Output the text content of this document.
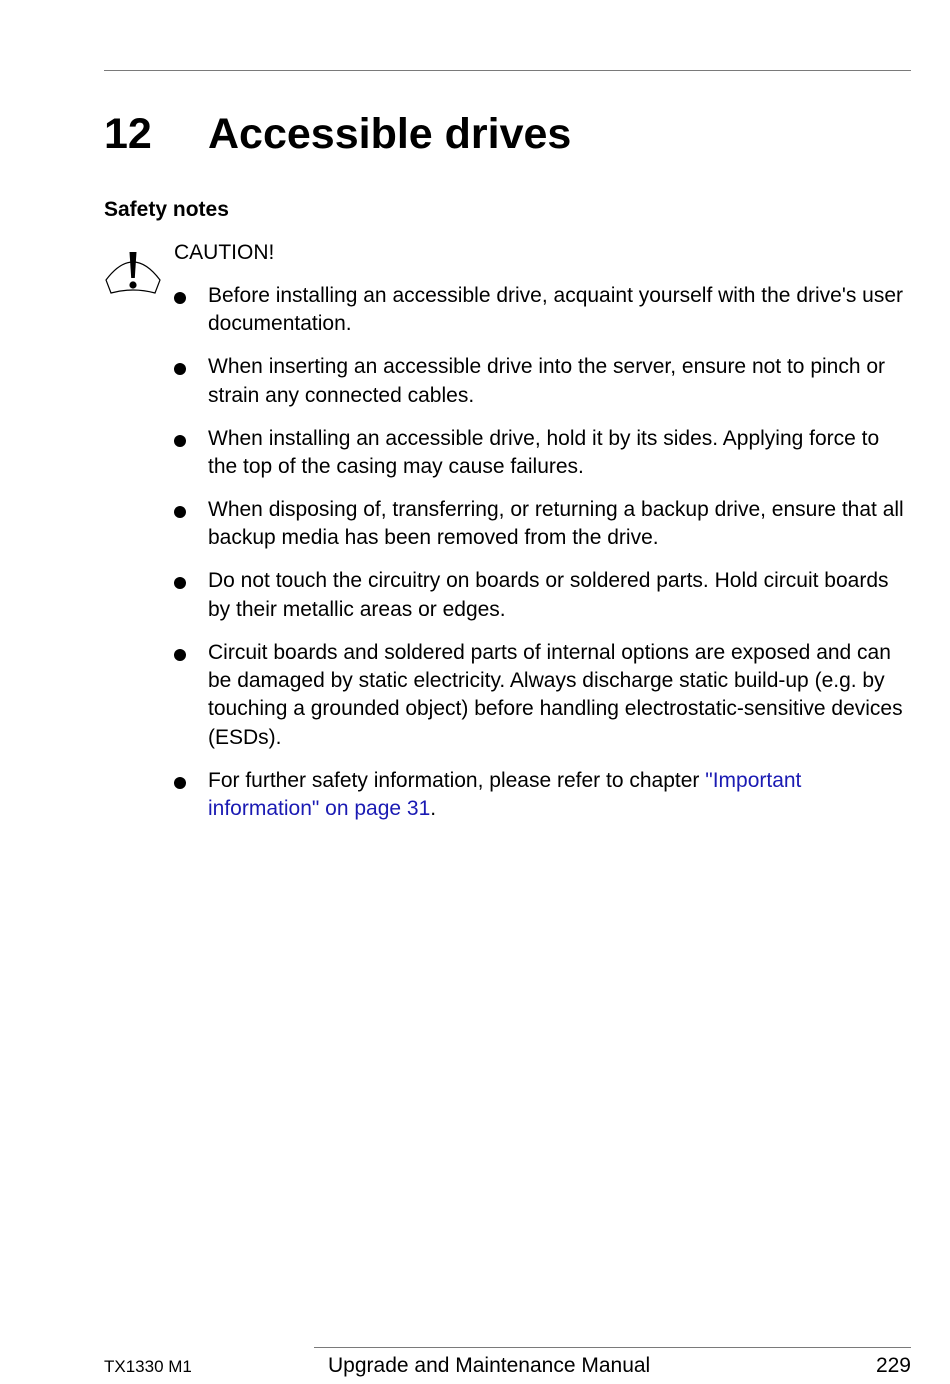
12 Accessible drives
Safety notes
CAUTION!
Before installing an accessible drive, acquaint yourself with the drive's user documentation.
When inserting an accessible drive into the server, ensure not to pinch or strain any connected cables.
When installing an accessible drive, hold it by its sides. Applying force to the top of the casing may cause failures.
When disposing of, transferring, or returning a backup drive, ensure that all backup media has been removed from the drive.
Do not touch the circuitry on boards or soldered parts. Hold circuit boards by their metallic areas or edges.
Circuit boards and soldered parts of internal options are exposed and can be damaged by static electricity. Always discharge static build-up (e.g. by touching a grounded object) before handling electrostatic-sensitive devices (ESDs).
For further safety information, please refer to chapter "Important information" on page 31.
TX1330 M1	Upgrade and Maintenance Manual	229
